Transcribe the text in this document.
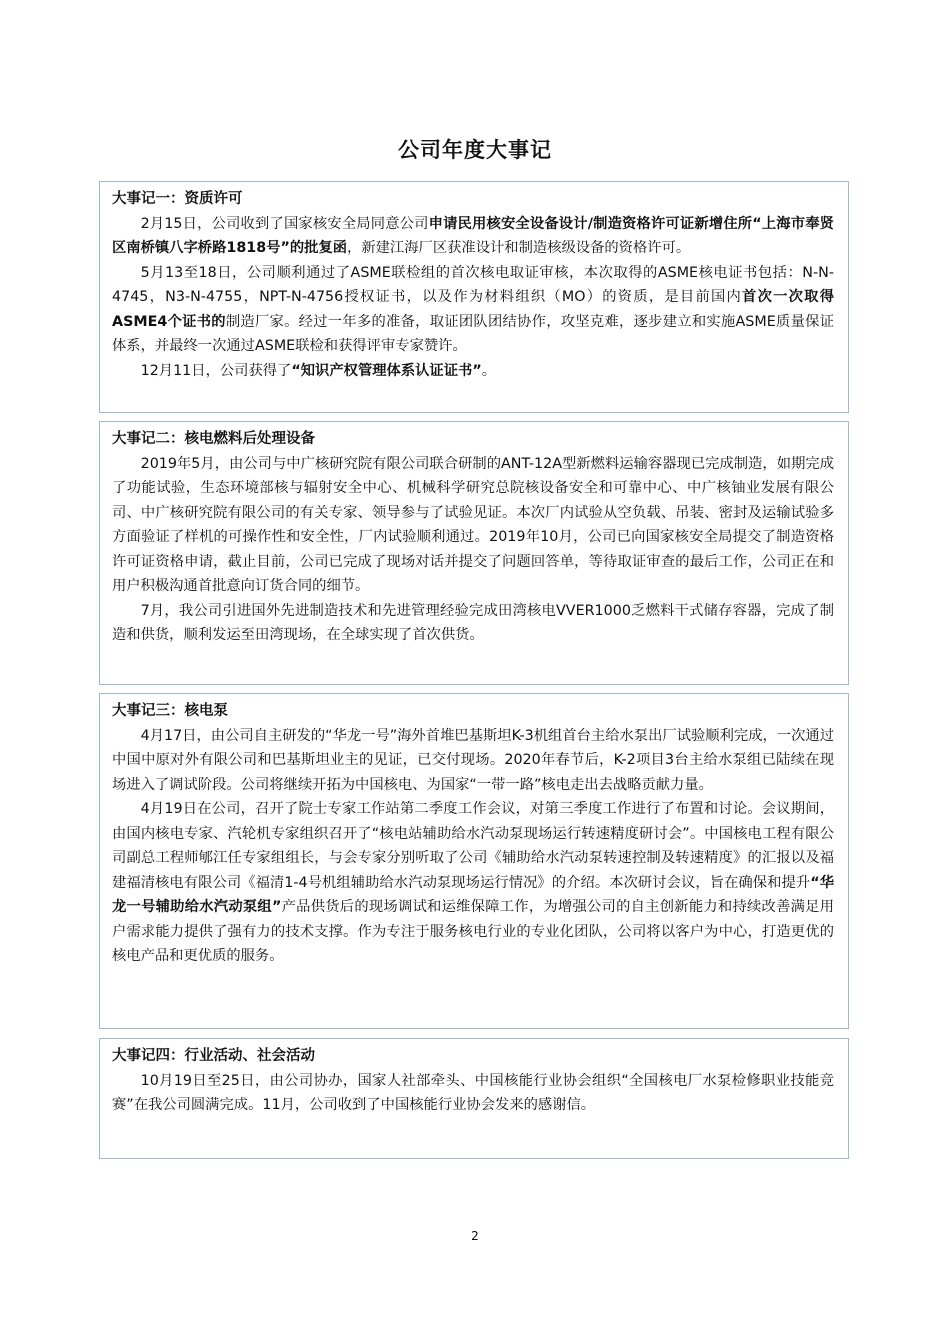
公司年度大事记
大事记一：资质许可

2月15日，公司收到了国家核安全局同意公司申请民用核安全设备设计/制造资格许可证新增住所“上海市奉贤区南桥镇八字桥路1818号”的批复函，新建江海厂区获准设计和制造核级设备的资格许可。

5月13至18日，公司顺利通过了ASME联检组的首次核电取证审核，本次取得的ASME核电证书包括：N-N-4745，N3-N-4755，NPT-N-4756授权证书，以及作为材料组织（MO）的资质，是目前国内首次一次取得ASME4个证书的制造厂家。经过一年多的准备，取证团队团结协作，攻坚克难，逐步建立和实施ASME质量保证体系，并最终一次通过ASME联检和获得评审专家赞许。

12月11日，公司获得了“知识产权管理体系认证证书”。

大事记二：核电燃料后处理设备

2019年5月，由公司与中广核研究院有限公司联合研制的ANT-12A型新燃料运输容器现已完成制造，如期完成了功能试验，生态环境部核与辐射安全中心、机械科学研究总院核设备安全和可靠中心、中广核铀业发展有限公司、中广核研究院有限公司的有关专家、领导参与了试验见证。本次厂内试验从空负载、吊装、密封及运输试验多方面验证了样机的可操作性和安全性，厂内试验顺利通过。2019年10月，公司已向国家核安全局提交了制造资格许可证资格申请，截止目前，公司已完成了现场对话并提交了问题回答单，等待取证审查的最后工作，公司正在和用户积极沟通首批意向订货合同的细节。

7月，我公司引进国外先进制造技术和先进管理经验完成田湾核电VVER1000乏燃料干式储存容器，完成了制造和供货，顺利发运至田湾现场，在全球实现了首次供货。

大事记三：核电泵

4月17日，由公司自主研发的“华龙一号”海外首堆巴基斯坦K-3机组首台主给水泵出厂试验顺利完成，一次通过中国中原对外有限公司和巴基斯坦业主的见证，已交付现场。2020年春节后，K-2项目3台主给水泵组已陆续在现场进入了调试阶段。公司将继续开拓为中国核电、为国家“一带一路”核电走出去战略贡献力量。

4月19日在公司，召开了院士专家工作站第二季度工作会议，对第三季度工作进行了布置和讨论。会议期间，由国内核电专家、汽轮机专家组织召开了“核电站辅助给水汽动泵现场运行转速精度研讨会”。中国核电工程有限公司副总工程师郇江任专家组组长，与会专家分别听取了公司《辅助给水汽动泵转速控制及转速精度》的汇报以及福建福清核电有限公司《福清1-4号机组辅助给水汽动泵现场运行情况》的介绍。本次研讨会议，旨在确保和提升“华龙一号辅助给水汽动泵组”产品供货后的现场调试和运维保障工作，为增强公司的自主创新能力和持续改善满足用户需求能力提供了强有力的技术支撑。作为专注于服务核电行业的专业化团队，公司将以客户为中心，打造更优的核电产品和更优质的服务。

大事记四：行业活动、社会活动

10月19日至25日，由公司协办，国家人社部牵头、中国核能行业协会组织“全国核电厂水泵检修职业技能竞赛”在我公司圆满完成。11月，公司收到了中国核能行业协会发来的感谢信。

2
